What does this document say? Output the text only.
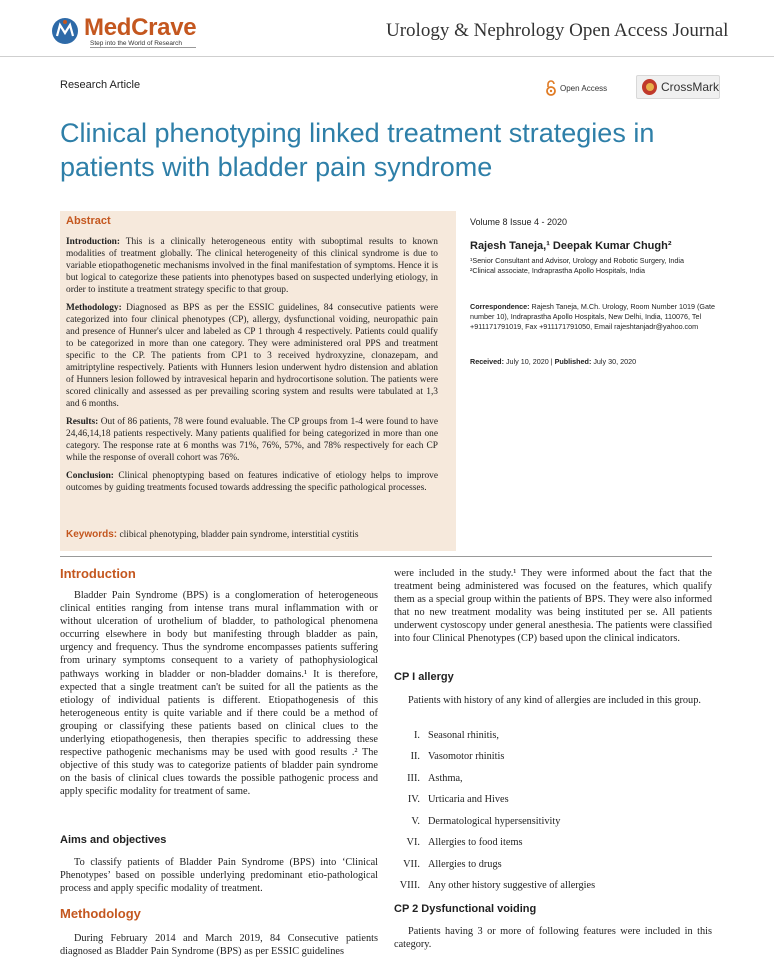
MedCrave
Step into the World of Research
Urology & Nephrology Open Access Journal
Research Article	Open Access	CrossMark
Clinical phenotyping linked treatment strategies in patients with bladder pain syndrome
Abstract

Introduction: This is a clinically heterogeneous entity with suboptimal results to known modalities of treatment globally. The clinical heterogeneity of this clinical syndrome is due to variable etiopathogenetic mechanisms involved in the final manifestation of symptoms. Hence it is but logical to categorize these patients into phenotypes based on suspected underlying etiology, in order to institute a treatment strategy specific to that group.

Methodology: Diagnosed as BPS as per the ESSIC guidelines, 84 consecutive patients were categorized into four clinical phenotypes (CP), allergy, dysfunctional voiding, neuropathic pain and presence of Hunner's ulcer and labeled as CP 1 through 4 respectively. Patients could qualify to be categorized in more than one category. They were administered oral PPS and treatment specific to the CP. The patients from CP1 to 3 received hydroxyzine, clonazepam, and amitriptyline respectively. Patients with Hunners lesion underwent hydro distension and ablation of Hunners lesion followed by intravesical heparin and hydrocortisone solution. The patients were scored clinically and assessed as per prevailing scoring system and results were tabulated at 1,3 and 6 months.

Results: Out of 86 patients, 78 were found evaluable. The CP groups from 1-4 were found to have 24,46,14,18 patients respectively. Many patients qualified for being categorized in more than one category. The response rate at 6 months was 71%, 76%, 57%, and 78% respectively for each CP while the response of overall cohort was 76%.

Conclusion: Clinical phenoptyping based on features indicative of etiology helps to improve outcomes by guiding treatments focused towards addressing the specific pathological processes.

Keywords: clibical phenotyping, bladder pain syndrome, interstitial cystitis
Volume 8 Issue 4 - 2020
Rajesh Taneja,¹ Deepak Kumar Chugh²
¹Senior Consultant and Advisor, Urology and Robotic Surgery, India
²Clinical associate, Indraprastha Apollo Hospitals, India
Correspondence: Rajesh Taneja, M.Ch. Urology, Room Number 1019 (Gate number 10), Indraprastha Apollo Hospitals, New Delhi, India, 110076, Tel +911171791019, Fax +911171791050, Email rajeshtanjadr@yahoo.com
Received: July 10, 2020 | Published: July 30, 2020
Introduction

Bladder Pain Syndrome (BPS) is a conglomeration of heterogeneous clinical entities ranging from intense trans mural inflammation with or without ulceration of urothelium of bladder, to pathological phenomena occurring elsewhere in body but manifesting through bladder as pain, urgency and frequency. Thus the syndrome encompasses patients suffering from urinary symptoms consequent to a variety of pathophysiological pathways working in bladder or non-bladder domains.¹ It is therefore, expected that a single treatment can't be suited for all the patients as the etiology of individual patients is different. Etiopathogenesis of this heterogeneous entity is quite variable and if there could be a method of grouping or classifying these patients based on clinical clues to the underlying etiopathogenesis, then therapies specific to addressing these respective pathogenic mechanisms may be used with good results .² The objective of this study was to categorize patients of bladder pain syndrome on the basis of clinical clues towards the possible pathogenic process and apply specific modality for treatment of same.

Aims and objectives

To classify patients of Bladder Pain Syndrome (BPS) into ‘Clinical Phenotypes’ based on possible underlying predominant etio-pathological process and apply specific modality of treatment.

Methodology

During February 2014 and March 2019, 84 Consecutive patients diagnosed as Bladder Pain Syndrome (BPS) as per ESSIC guidelines

were included in the study.¹ They were informed about the fact that the treatment being administered was focused on the features, which qualify them as a special group within the patients of BPS. They were also informed that no new treatment modality was being instituted per se. All patients underwent cystoscopy under general anesthesia. The patients were classified into four Clinical Phenotypes (CP) based upon the clinical indicators.

CP I allergy

Patients with history of any kind of allergies are included in this group.

I. Seasonal rhinitis,
II. Vasomotor rhinitis
III. Asthma,
IV. Urticaria and Hives
V. Dermatological hypersensitivity
VI. Allergies to food items
VII. Allergies to drugs
VIII. Any other history suggestive of allergies
CP 2 Dysfunctional voiding

Patients having 3 or more of following features were included in this category.
